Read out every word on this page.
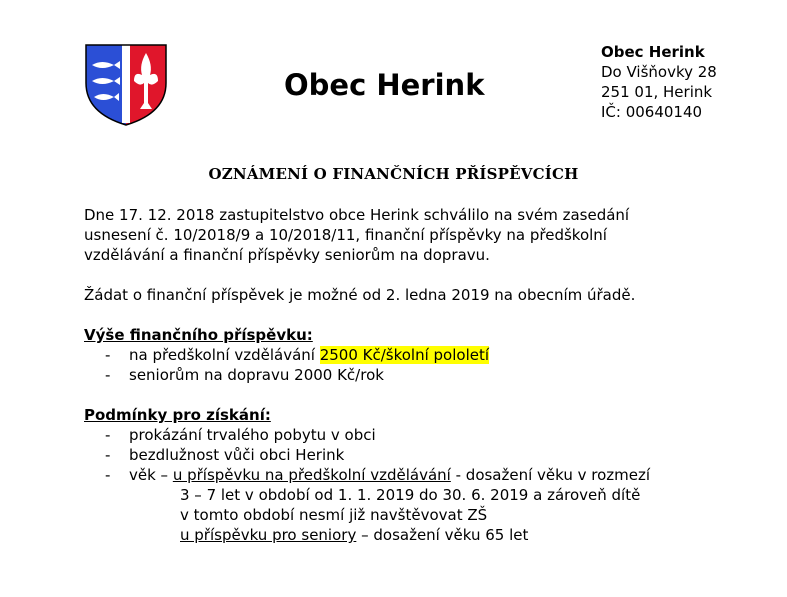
Obec Herink
Obec Herink
Do Višňovky 28
251 01, Herink
IČ: 00640140
OZNÁMENÍ O FINANČNÍCH PŘÍSPĚVCÍCH
Dne 17. 12. 2018 zastupitelstvo obce Herink schválilo na svém zasedání
usnesení č. 10/2018/9 a 10/2018/11, finanční příspěvky na předškolní
vzdělávání a finanční příspěvky seniorům na dopravu.
Žádat o finanční příspěvek je možné od 2. ledna 2019 na obecním úřadě.
Výše finančního příspěvku:
- na předškolní vzdělávání 2500 Kč/školní pololetí
- seniorům na dopravu 2000 Kč/rok
Podmínky pro získání:
- prokázání trvalého pobytu v obci
- bezdlužnost vůči obci Herink
- věk – u příspěvku na předškolní vzdělávání - dosažení věku v rozmezí
3 – 7 let v období od 1. 1. 2019 do 30. 6. 2019 a zároveň dítě
v tomto období nesmí již navštěvovat ZŠ
u příspěvku pro seniory – dosažení věku 65 let
